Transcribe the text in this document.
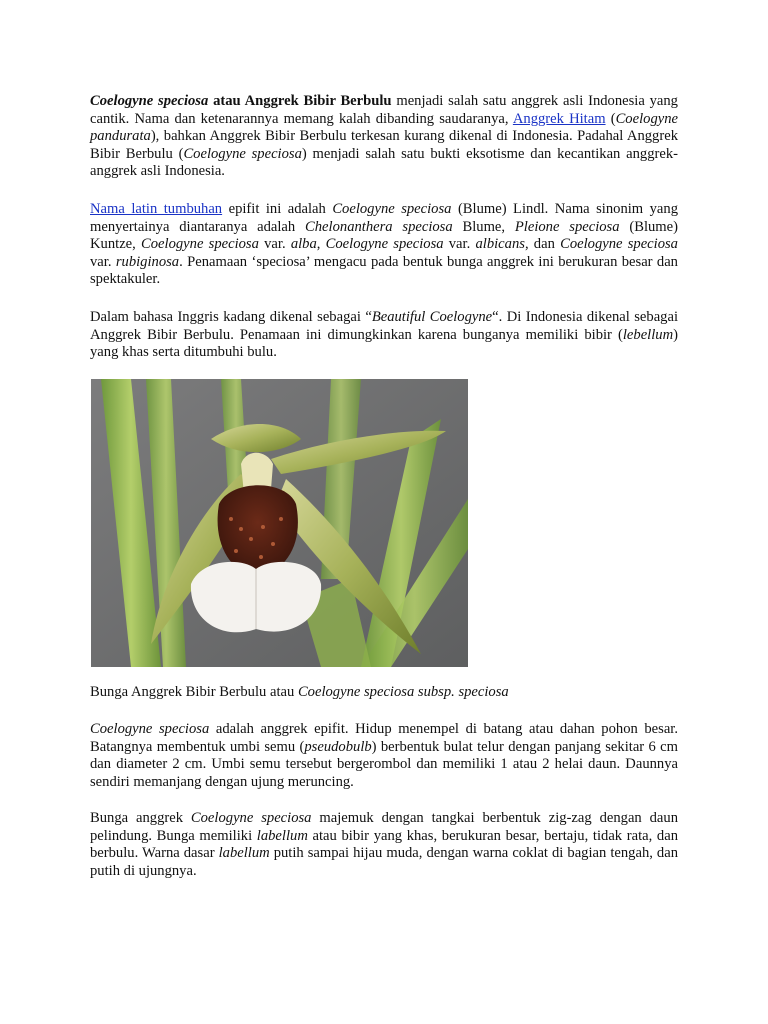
Coelogyne speciosa atau Anggrek Bibir Berbulu menjadi salah satu anggrek asli Indonesia yang cantik. Nama dan ketenarannya memang kalah dibanding saudaranya, Anggrek Hitam (Coelogyne pandurata), bahkan Anggrek Bibir Berbulu terkesan kurang dikenal di Indonesia. Padahal Anggrek Bibir Berbulu (Coelogyne speciosa) menjadi salah satu bukti eksotisme dan kecantikan anggrek-anggrek asli Indonesia.

Nama latin tumbuhan epifit ini adalah Coelogyne speciosa (Blume) Lindl. Nama sinonim yang menyertainya diantaranya adalah Chelonanthera speciosa Blume, Pleione speciosa (Blume) Kuntze, Coelogyne speciosa var. alba, Coelogyne speciosa var. albicans, dan Coelogyne speciosa var. rubiginosa. Penamaan ‘speciosa’ mengacu pada bentuk bunga anggrek ini berukuran besar dan spektakuler.

Dalam bahasa Inggris kadang dikenal sebagai “Beautiful Coelogyne“. Di Indonesia dikenal sebagai Anggrek Bibir Berbulu. Penamaan ini dimungkinkan karena bunganya memiliki bibir (lebellum) yang khas serta ditumbuhi bulu.

Bunga Anggrek Bibir Berbulu atau Coelogyne speciosa subsp. speciosa

Coelogyne speciosa adalah anggrek epifit. Hidup menempel di batang atau dahan pohon besar. Batangnya membentuk umbi semu (pseudobulb) berbentuk bulat telur dengan panjang sekitar 6 cm dan diameter 2 cm. Umbi semu tersebut bergerombol dan memiliki 1 atau 2 helai daun. Daunnya sendiri memanjang dengan ujung meruncing.

Bunga anggrek Coelogyne speciosa majemuk dengan tangkai berbentuk zig-zag dengan daun pelindung. Bunga memiliki labellum atau bibir yang khas, berukuran besar, bertaju, tidak rata, dan berbulu. Warna dasar labellum putih sampai hijau muda, dengan warna coklat di bagian tengah, dan putih di ujungnya.
